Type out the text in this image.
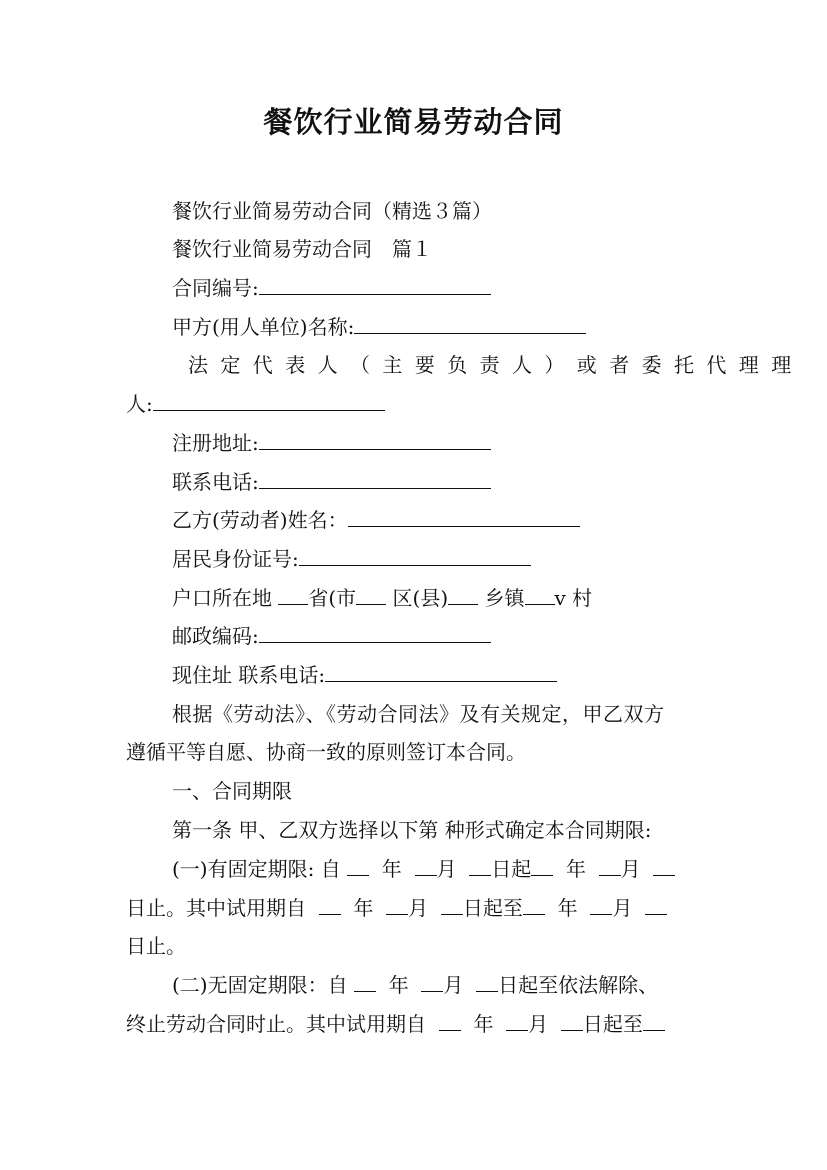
餐饮行业简易劳动合同
餐饮行业简易劳动合同（精选３篇）
餐饮行业简易劳动合同　篇１
合同编号:
甲方(用人单位)名称:
法定代表人（主要负责人）或者委托代理理
人:
注册地址:
联系电话:
乙方(劳动者)姓名：
居民身份证号:
户口所在地 省(市 区(县) 乡镇 v 村
邮政编码:
现住址 联系电话:
根据《劳动法》、《劳动合同法》及有关规定，甲乙双方
遵循平等自愿、协商一致的原则签订本合同。
一、合同期限
第一条 甲、乙双方选择以下第 种形式确定本合同期限:
(一)有固定期限: 自 年 月 日起 年 月
日止。其中试用期自 年 月 日起至 年 月
日止。
(二)无固定期限：自 年 月 日起至依法解除、
终止劳动合同时止。其中试用期自 年 月 日起至
